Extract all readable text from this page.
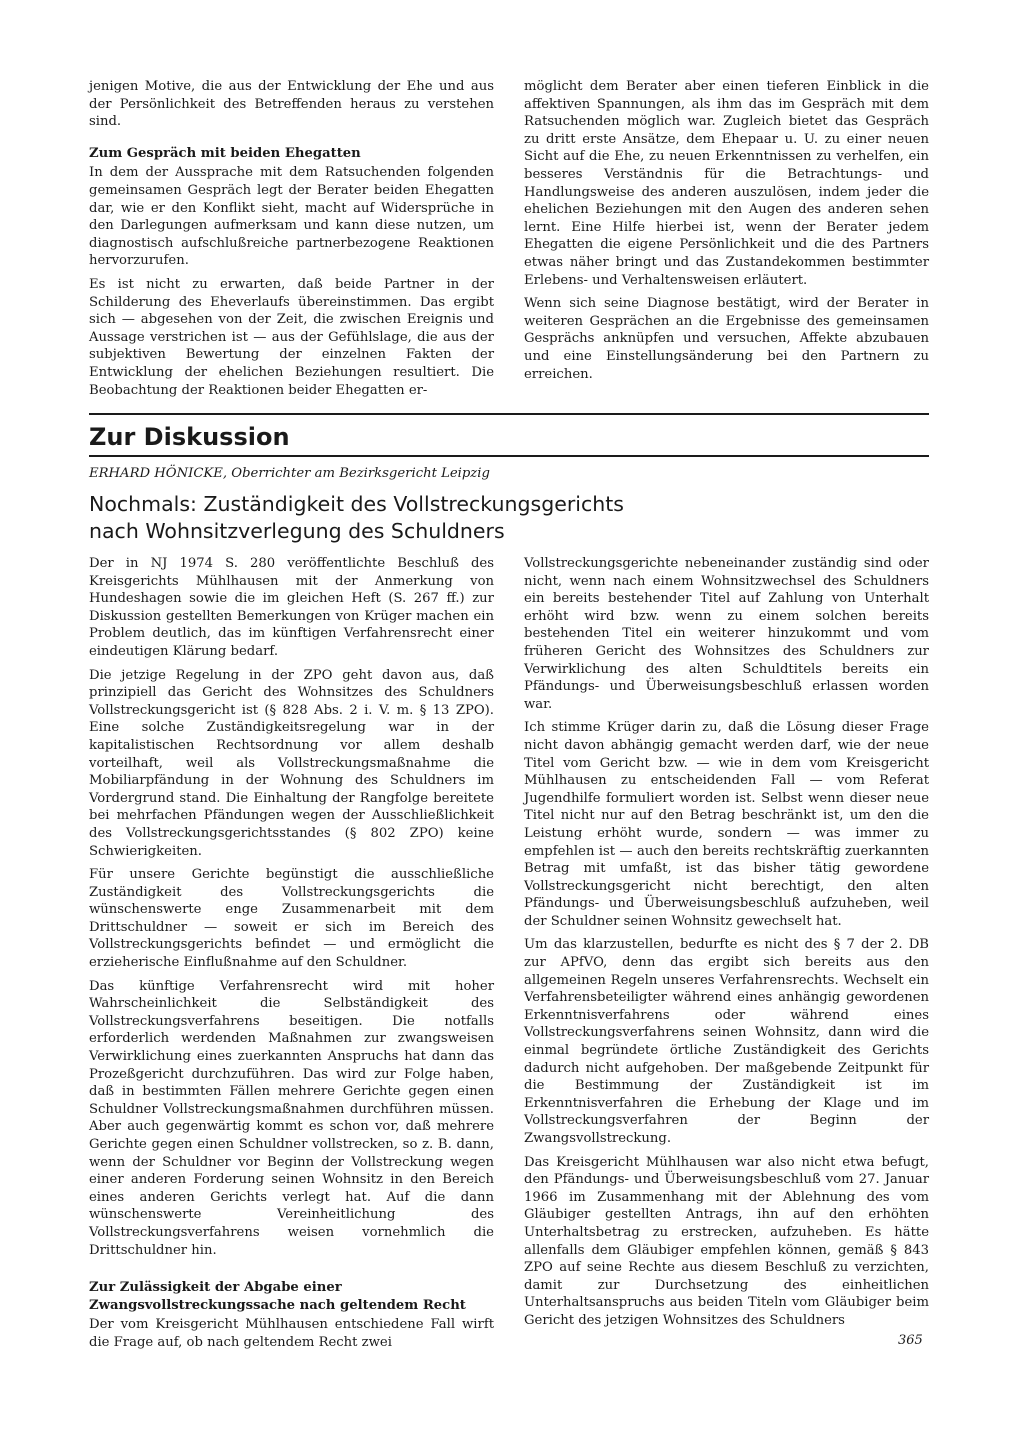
jenigen Motive, die aus der Entwicklung der Ehe und aus der Persönlichkeit des Betreffenden heraus zu verstehen sind.

Zum Gespräch mit beiden Ehegatten

In dem der Aussprache mit dem Ratsuchenden folgenden gemeinsamen Gespräch legt der Berater beiden Ehegatten dar, wie er den Konflikt sieht, macht auf Widersprüche in den Darlegungen aufmerksam und kann diese nutzen, um diagnostisch aufschlußreiche partnerbezogene Reaktionen hervorzurufen.

Es ist nicht zu erwarten, daß beide Partner in der Schilderung des Eheverlaufs übereinstimmen. Das ergibt sich — abgesehen von der Zeit, die zwischen Ereignis und Aussage verstrichen ist — aus der Gefühlslage, die aus der subjektiven Bewertung der einzelnen Fakten der Entwicklung der ehelichen Beziehungen resultiert. Die Beobachtung der Reaktionen beider Ehegatten er-

möglicht dem Berater aber einen tieferen Einblick in die affektiven Spannungen, als ihm das im Gespräch mit dem Ratsuchenden möglich war. Zugleich bietet das Gespräch zu dritt erste Ansätze, dem Ehepaar u. U. zu einer neuen Sicht auf die Ehe, zu neuen Erkenntnissen zu verhelfen, ein besseres Verständnis für die Betrachtungs- und Handlungsweise des anderen auszulösen, indem jeder die ehelichen Beziehungen mit den Augen des anderen sehen lernt. Eine Hilfe hierbei ist, wenn der Berater jedem Ehegatten die eigene Persönlichkeit und die des Partners etwas näher bringt und das Zustandekommen bestimmter Erlebens- und Verhaltensweisen erläutert.

Wenn sich seine Diagnose bestätigt, wird der Berater in weiteren Gesprächen an die Ergebnisse des gemeinsamen Gesprächs anknüpfen und versuchen, Affekte abzubauen und eine Einstellungsänderung bei den Partnern zu erreichen.

Zur Diskussion

ERHARD HÖNICKE, Oberrichter am Bezirksgericht Leipzig

Nochmals: Zuständigkeit des Vollstreckungsgerichts
nach Wohnsitzverlegung des Schuldners

Der in NJ 1974 S. 280 veröffentlichte Beschluß des Kreisgerichts Mühlhausen mit der Anmerkung von Hundeshagen sowie die im gleichen Heft (S. 267 ff.) zur Diskussion gestellten Bemerkungen von Krüger machen ein Problem deutlich, das im künftigen Verfahrensrecht einer eindeutigen Klärung bedarf.

Die jetzige Regelung in der ZPO geht davon aus, daß prinzipiell das Gericht des Wohnsitzes des Schuldners Vollstreckungsgericht ist (§ 828 Abs. 2 i. V. m. § 13 ZPO). Eine solche Zuständigkeitsregelung war in der kapitalistischen Rechtsordnung vor allem deshalb vorteilhaft, weil als Vollstreckungsmaßnahme die Mobiliarpfändung in der Wohnung des Schuldners im Vordergrund stand. Die Einhaltung der Rangfolge bereitete bei mehrfachen Pfändungen wegen der Ausschließlichkeit des Vollstreckungsgerichtsstandes (§ 802 ZPO) keine Schwierigkeiten.

Für unsere Gerichte begünstigt die ausschließliche Zuständigkeit des Vollstreckungsgerichts die wünschenswerte enge Zusammenarbeit mit dem Drittschuldner — soweit er sich im Bereich des Vollstreckungsgerichts befindet — und ermöglicht die erzieherische Einflußnahme auf den Schuldner.

Das künftige Verfahrensrecht wird mit hoher Wahrscheinlichkeit die Selbständigkeit des Vollstreckungsverfahrens beseitigen. Die notfalls erforderlich werdenden Maßnahmen zur zwangsweisen Verwirklichung eines zuerkannten Anspruchs hat dann das Prozeßgericht durchzuführen. Das wird zur Folge haben, daß in bestimmten Fällen mehrere Gerichte gegen einen Schuldner Vollstreckungsmaßnahmen durchführen müssen. Aber auch gegenwärtig kommt es schon vor, daß mehrere Gerichte gegen einen Schuldner vollstrecken, so z. B. dann, wenn der Schuldner vor Beginn der Vollstreckung wegen einer anderen Forderung seinen Wohnsitz in den Bereich eines anderen Gerichts verlegt hat. Auf die dann wünschenswerte Vereinheitlichung des Vollstreckungsverfahrens weisen vornehmlich die Drittschuldner hin.

Zur Zulässigkeit der Abgabe einer Zwangsvollstreckungssache nach geltendem Recht

Der vom Kreisgericht Mühlhausen entschiedene Fall wirft die Frage auf, ob nach geltendem Recht zwei

Vollstreckungsgerichte nebeneinander zuständig sind oder nicht, wenn nach einem Wohnsitzwechsel des Schuldners ein bereits bestehender Titel auf Zahlung von Unterhalt erhöht wird bzw. wenn zu einem solchen bereits bestehenden Titel ein weiterer hinzukommt und vom früheren Gericht des Wohnsitzes des Schuldners zur Verwirklichung des alten Schuldtitels bereits ein Pfändungs- und Überweisungsbeschluß erlassen worden war.

Ich stimme Krüger darin zu, daß die Lösung dieser Frage nicht davon abhängig gemacht werden darf, wie der neue Titel vom Gericht bzw. — wie in dem vom Kreisgericht Mühlhausen zu entscheidenden Fall — vom Referat Jugendhilfe formuliert worden ist. Selbst wenn dieser neue Titel nicht nur auf den Betrag beschränkt ist, um den die Leistung erhöht wurde, sondern — was immer zu empfehlen ist — auch den bereits rechtskräftig zuerkannten Betrag mit umfaßt, ist das bisher tätig gewordene Vollstreckungsgericht nicht berechtigt, den alten Pfändungs- und Überweisungsbeschluß aufzuheben, weil der Schuldner seinen Wohnsitz gewechselt hat.

Um das klarzustellen, bedurfte es nicht des § 7 der 2. DB zur APfVO, denn das ergibt sich bereits aus den allgemeinen Regeln unseres Verfahrensrechts. Wechselt ein Verfahrensbeteiligter während eines anhängig gewordenen Erkenntnisverfahrens oder während eines Vollstreckungsverfahrens seinen Wohnsitz, dann wird die einmal begründete örtliche Zuständigkeit des Gerichts dadurch nicht aufgehoben. Der maßgebende Zeitpunkt für die Bestimmung der Zuständigkeit ist im Erkenntnisverfahren die Erhebung der Klage und im Vollstreckungsverfahren der Beginn der Zwangsvollstreckung.

Das Kreisgericht Mühlhausen war also nicht etwa befugt, den Pfändungs- und Überweisungsbeschluß vom 27. Januar 1966 im Zusammenhang mit der Ablehnung des vom Gläubiger gestellten Antrags, ihn auf den erhöhten Unterhaltsbetrag zu erstrecken, aufzuheben. Es hätte allenfalls dem Gläubiger empfehlen können, gemäß § 843 ZPO auf seine Rechte aus diesem Beschluß zu verzichten, damit zur Durchsetzung des einheitlichen Unterhaltsanspruchs aus beiden Titeln vom Gläubiger beim Gericht des jetzigen Wohnsitzes des Schuldners

365
